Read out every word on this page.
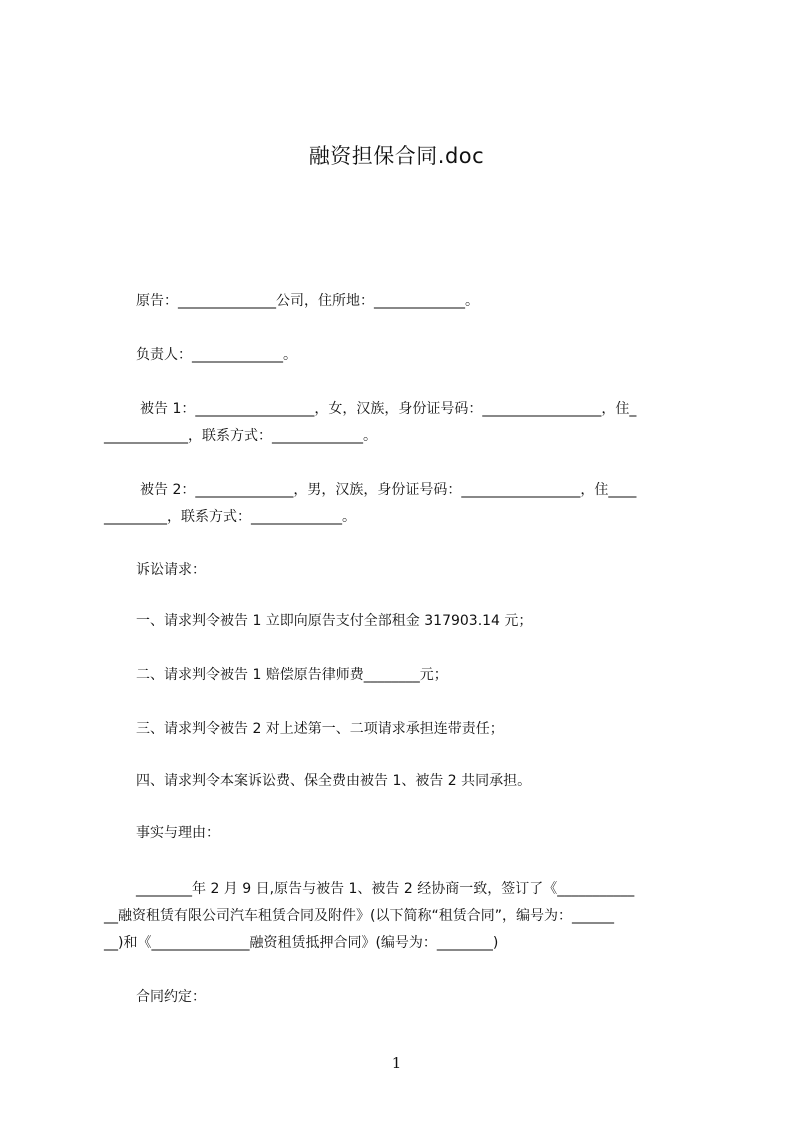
融资担保合同.doc
原告：______________公司，住所地：_____________。
负责人：_____________。
被告 1：_________________，女，汉族，身份证号码：_________________，住_
____________，联系方式：_____________。
被告 2：______________，男，汉族，身份证号码：_________________，住____
_________，联系方式：_____________。
诉讼请求：
一、请求判令被告 1 立即向原告支付全部租金 317903.14 元；
二、请求判令被告 1 赔偿原告律师费________元；
三、请求判令被告 2 对上述第一、二项请求承担连带责任；
四、请求判令本案诉讼费、保全费由被告 1、被告 2 共同承担。
事实与理由：
________年 2 月 9 日,原告与被告 1、被告 2 经协商一致，签订了《___________
__融资租赁有限公司汽车租赁合同及附件》(以下简称“租赁合同”，编号为：______
__)和《______________融资租赁抵押合同》(编号为：________)
合同约定：
1
